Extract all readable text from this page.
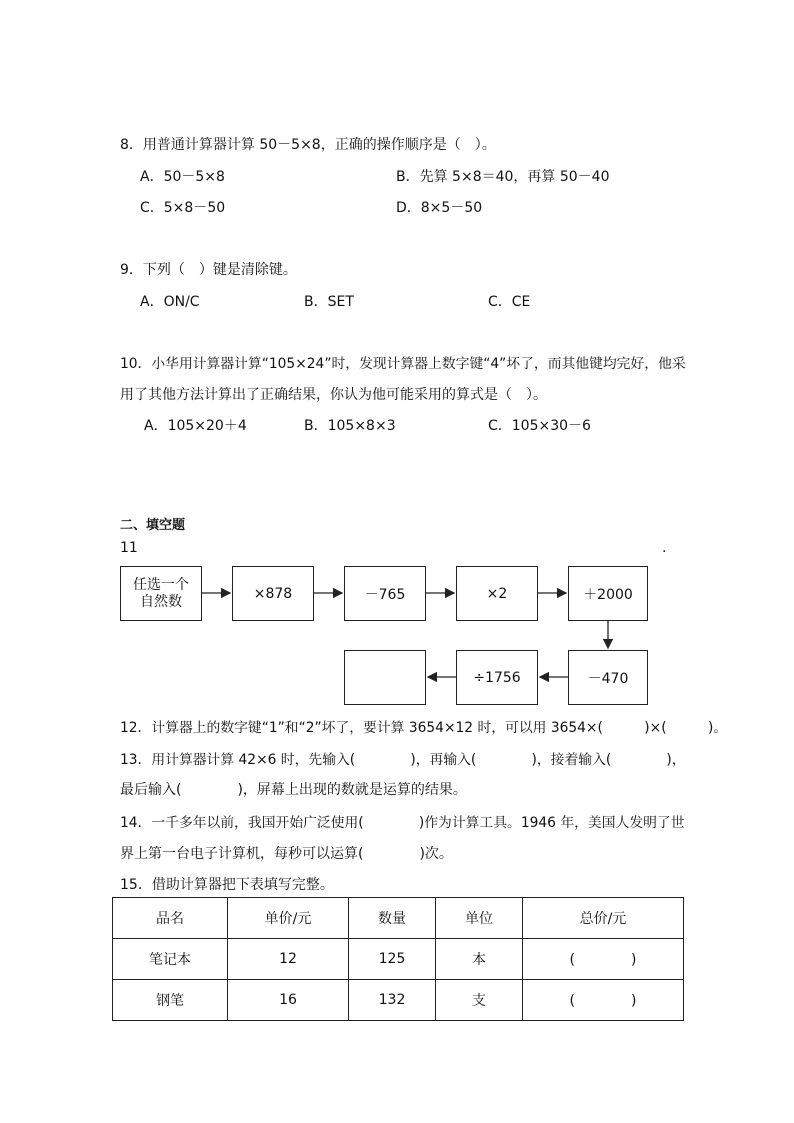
8．用普通计算器计算 50－5×8，正确的操作顺序是（　）。
A．50－5×8	B．先算 5×8＝40，再算 50－40
C．5×8－50	D．8×5－50
9．下列（　）键是清除键。
A．ON/C	B．SET	C．CE
10．小华用计算器计算“105×24”时，发现计算器上数字键“4”坏了，而其他键均完好，他采
用了其他方法计算出了正确结果，你认为他可能采用的算式是（　）。
A．105×20＋4	B．105×8×3	C．105×30－6
二、填空题
11	.
任选一个
自然数	×878	－765	×2	＋2000
－470
÷1756
12．计算器上的数字键“1”和“2”坏了，要计算 3654×12 时，可以用 3654×(　　　)×(　　　)。
13．用计算器计算 42×6 时，先输入(　　　　)，再输入(　　　　)，接着输入(　　　　)，
最后输入(　　　　)，屏幕上出现的数就是运算的结果。
14．一千多年以前，我国开始广泛使用(　　　　)作为计算工具。1946 年，美国人发明了世
界上第一台电子计算机，每秒可以运算(　　　　)次。
15．借助计算器把下表填写完整。
品名	单价/元	数量	单位	总价/元
笔记本	12	125	本	(　　　　)
钢笔	16	132	支	(　　　　)
